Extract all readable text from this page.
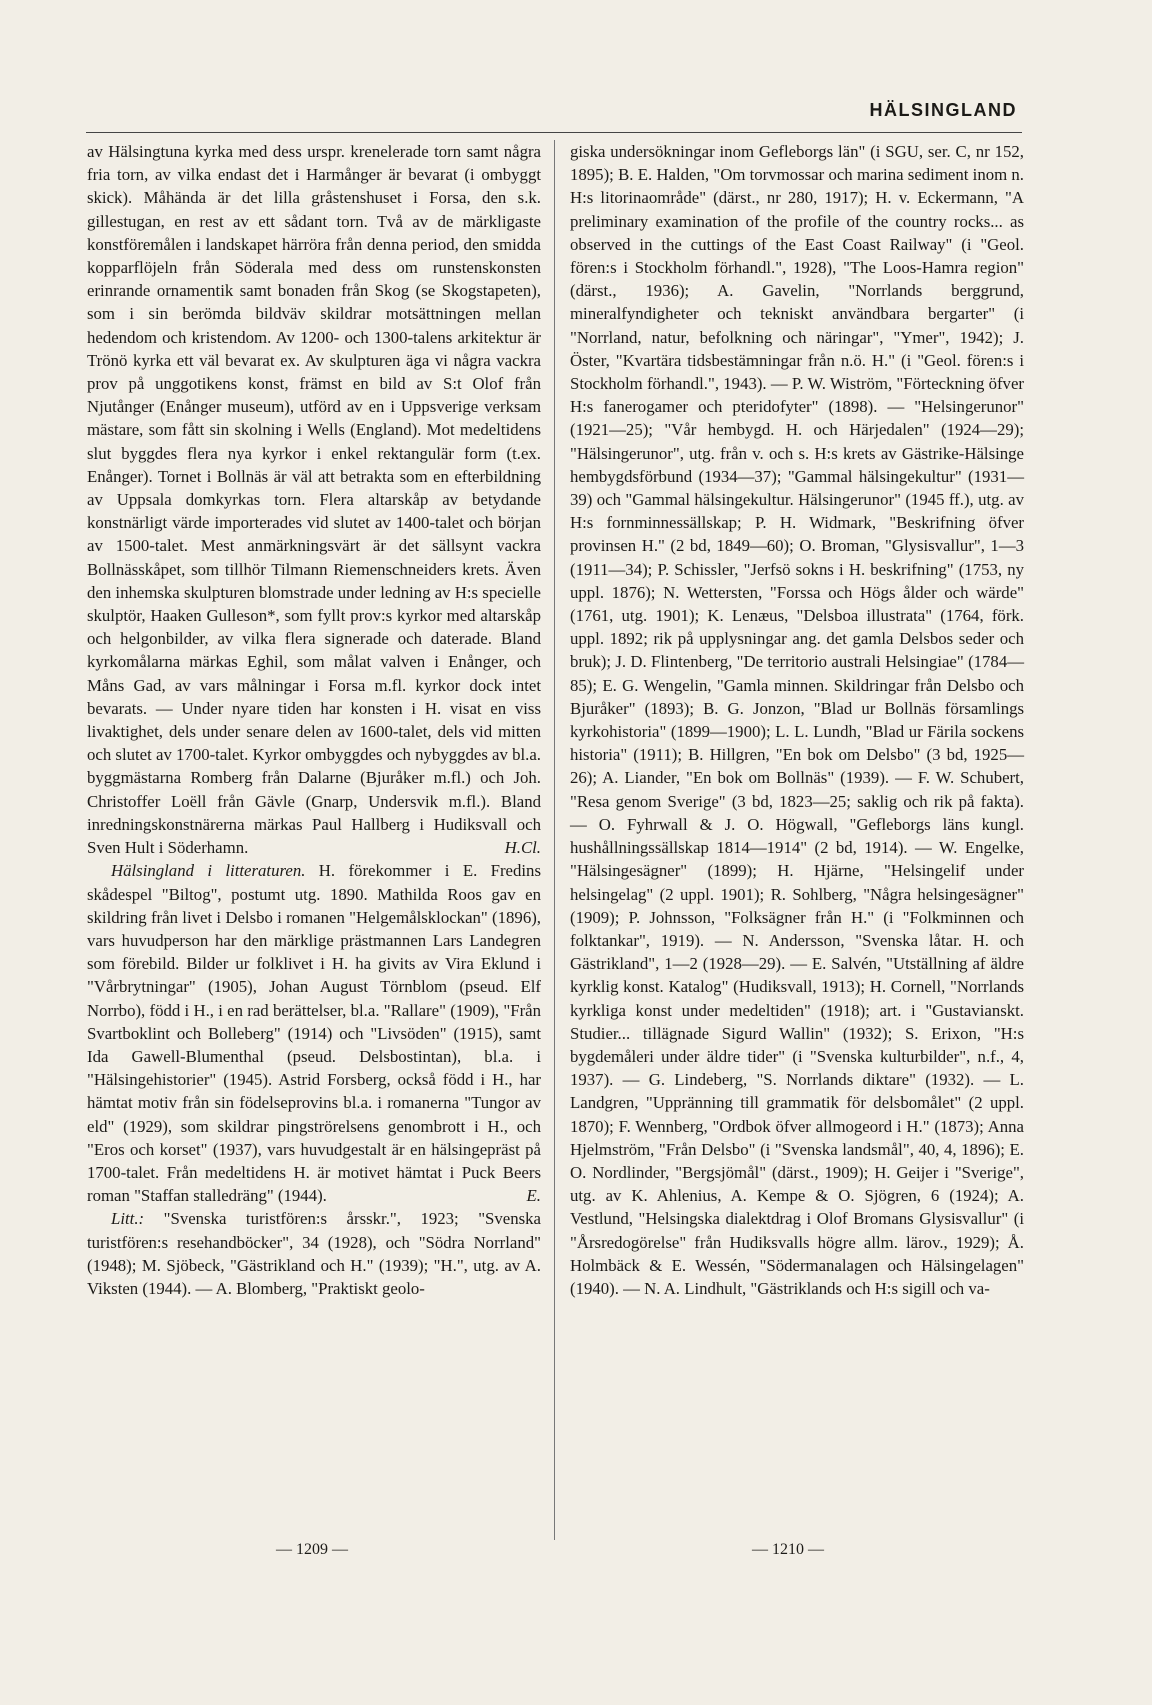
HÄLSINGLAND

av Hälsingtuna kyrka med dess urspr. krenelerade torn samt några fria torn, av vilka endast det i Harmånger är bevarat (i ombyggt skick). Måhända är det lilla gråstenshuset i Forsa, den s.k. gillestugan, en rest av ett sådant torn. Två av de märkligaste konstföremålen i landskapet härröra från denna period, den smidda kopparflöjeln från Söderala med dess om runstenskonsten erinrande ornamentik samt bonaden från Skog (se Skogstapeten), som i sin berömda bildväv skildrar motsättningen mellan hedendom och kristendom. Av 1200- och 1300-talens arkitektur är Trönö kyrka ett väl bevarat ex. Av skulpturen äga vi några vackra prov på unggotikens konst, främst en bild av S:t Olof från Njutånger (Enånger museum), utförd av en i Uppsverige verksam mästare, som fått sin skolning i Wells (England). Mot medeltidens slut byggdes flera nya kyrkor i enkel rektangulär form (t.ex. Enånger). Tornet i Bollnäs är väl att betrakta som en efterbildning av Uppsala domkyrkas torn. Flera altarskåp av betydande konstnärligt värde importerades vid slutet av 1400-talet och början av 1500-talet. Mest anmärkningsvärt är det sällsynt vackra Bollnässkåpet, som tillhör Tilmann Riemenschneiders krets. Även den inhemska skulpturen blomstrade under ledning av H:s specielle skulptör, Haaken Gulleson*, som fyllt prov:s kyrkor med altarskåp och helgonbilder, av vilka flera signerade och daterade. Bland kyrkomålarna märkas Eghil, som målat valven i Enånger, och Måns Gad, av vars målningar i Forsa m.fl. kyrkor dock intet bevarats. — Under nyare tiden har konsten i H. visat en viss livaktighet, dels under senare delen av 1600-talet, dels vid mitten och slutet av 1700-talet. Kyrkor ombyggdes och nybyggdes av bl.a. byggmästarna Romberg från Dalarne (Bjuråker m.fl.) och Joh. Christoffer Loëll från Gävle (Gnarp, Undersvik m.fl.). Bland inredningskonstnärerna märkas Paul Hallberg i Hudiksvall och Sven Hult i Söderhamn.	H.Cl.

Hälsingland i litteraturen. H. förekommer i E. Fredins skådespel "Biltog", postumt utg. 1890. Mathilda Roos gav en skildring från livet i Delsbo i romanen "Helgemålsklockan" (1896), vars huvudperson har den märklige prästmannen Lars Landegren som förebild. Bilder ur folklivet i H. ha givits av Vira Eklund i "Vårbrytningar" (1905), Johan August Törnblom (pseud. Elf Norrbo), född i H., i en rad berättelser, bl.a. "Rallare" (1909), "Från Svartboklint och Bolleberg" (1914) och "Livsöden" (1915), samt Ida Gawell-Blumenthal (pseud. Delsbostintan), bl.a. i "Hälsingehistorier" (1945). Astrid Forsberg, också född i H., har hämtat motiv från sin födelseprovins bl.a. i romanerna "Tungor av eld" (1929), som skildrar pingströrelsens genombrott i H., och "Eros och korset" (1937), vars huvudgestalt är en hälsingepräst på 1700-talet. Från medeltidens H. är motivet hämtat i Puck Beers roman "Staffan stalledräng" (1944).	E.

Litt.: "Svenska turistfören:s årsskr.", 1923; "Svenska turistfören:s resehandböcker", 34 (1928), och "Södra Norrland" (1948); M. Sjöbeck, "Gästrikland och H." (1939); "H.", utg. av A. Viksten (1944). — A. Blomberg, "Praktiskt geolo-

giska undersökningar inom Gefleborgs län" (i SGU, ser. C, nr 152, 1895); B. E. Halden, "Om torvmossar och marina sediment inom n. H:s litorinaområde" (därst., nr 280, 1917); H. v. Eckermann, "A preliminary examination of the profile of the country rocks... as observed in the cuttings of the East Coast Railway" (i "Geol. fören:s i Stockholm förhandl.", 1928), "The Loos-Hamra region" (därst., 1936); A. Gavelin, "Norrlands berggrund, mineralfyndigheter och tekniskt användbara bergarter" (i "Norrland, natur, befolkning och näringar", "Ymer", 1942); J. Öster, "Kvartära tidsbestämningar från n.ö. H." (i "Geol. fören:s i Stockholm förhandl.", 1943). — P. W. Wiström, "Förteckning öfver H:s fanerogamer och pteridofyter" (1898). — "Helsingerunor" (1921—25); "Vår hembygd. H. och Härjedalen" (1924—29); "Hälsingerunor", utg. från v. och s. H:s krets av Gästrike-Hälsinge hembygdsförbund (1934—37); "Gammal hälsingekultur" (1931—39) och "Gammal hälsingekultur. Hälsingerunor" (1945 ff.), utg. av H:s fornminnessällskap; P. H. Widmark, "Beskrifning öfver provinsen H." (2 bd, 1849—60); O. Broman, "Glysisvallur", 1—3 (1911—34); P. Schissler, "Jerfsö sokns i H. beskrifning" (1753, ny uppl. 1876); N. Wettersten, "Forssa och Högs ålder och wärde" (1761, utg. 1901); K. Lenæus, "Delsboa illustrata" (1764, förk. uppl. 1892; rik på upplysningar ang. det gamla Delsbos seder och bruk); J. D. Flintenberg, "De territorio australi Helsingiae" (1784—85); E. G. Wengelin, "Gamla minnen. Skildringar från Delsbo och Bjuråker" (1893); B. G. Jonzon, "Blad ur Bollnäs församlings kyrkohistoria" (1899—1900); L. L. Lundh, "Blad ur Färila sockens historia" (1911); B. Hillgren, "En bok om Delsbo" (3 bd, 1925—26); A. Liander, "En bok om Bollnäs" (1939). — F. W. Schubert, "Resa genom Sverige" (3 bd, 1823—25; saklig och rik på fakta). — O. Fyhrwall & J. O. Högwall, "Gefleborgs läns kungl. hushållningssällskap 1814—1914" (2 bd, 1914). — W. Engelke, "Hälsingesägner" (1899); H. Hjärne, "Helsingelif under helsingelag" (2 uppl. 1901); R. Sohlberg, "Några helsingesägner" (1909); P. Johnsson, "Folksägner från H." (i "Folkminnen och folktankar", 1919). — N. Andersson, "Svenska låtar. H. och Gästrikland", 1—2 (1928—29). — E. Salvén, "Utställning af äldre kyrklig konst. Katalog" (Hudiksvall, 1913); H. Cornell, "Norrlands kyrkliga konst under medeltiden" (1918); art. i "Gustavianskt. Studier... tillägnade Sigurd Wallin" (1932); S. Erixon, "H:s bygdemåleri under äldre tider" (i "Svenska kulturbilder", n.f., 4, 1937). — G. Lindeberg, "S. Norrlands diktare" (1932). — L. Landgren, "Uppränning till grammatik för delsbomålet" (2 uppl. 1870); F. Wennberg, "Ordbok öfver allmogeord i H." (1873); Anna Hjelmström, "Från Delsbo" (i "Svenska landsmål", 40, 4, 1896); E. O. Nordlinder, "Bergsjömål" (därst., 1909); H. Geijer i "Sverige", utg. av K. Ahlenius, A. Kempe & O. Sjögren, 6 (1924); A. Vestlund, "Helsingska dialektdrag i Olof Bromans Glysisvallur" (i "Årsredogörelse" från Hudiksvalls högre allm. lärov., 1929); Å. Holmbäck & E. Wessén, "Södermanalagen och Hälsingelagen" (1940). — N. A. Lindhult, "Gästriklands och H:s sigill och va-

— 1209 —	— 1210 —
